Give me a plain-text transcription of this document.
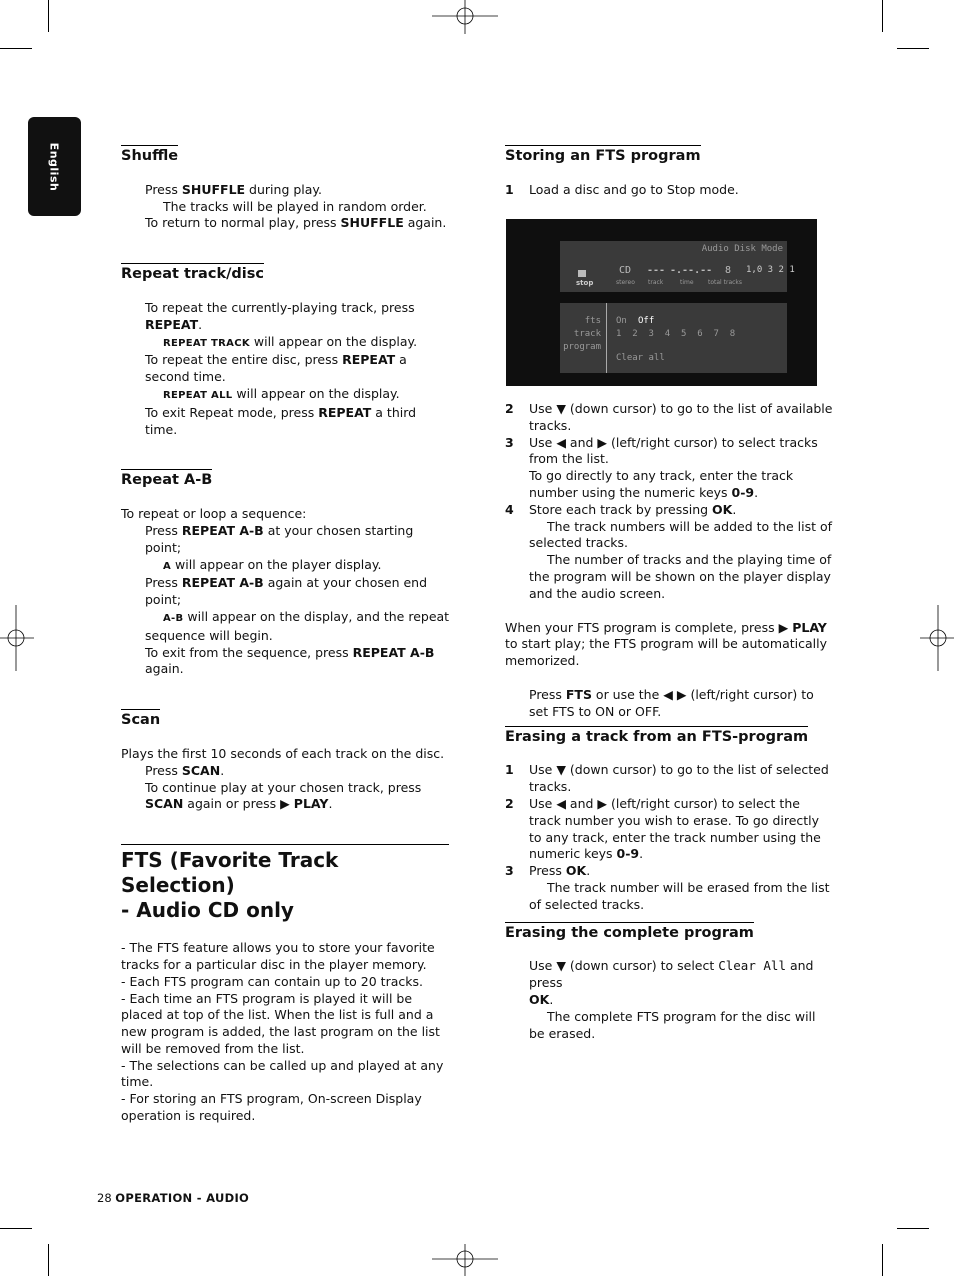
English	Shuffle

Press SHUFFLE during play.

The tracks will be played in random order.

To return to normal play, press SHUFFLE again.

Repeat track/disc

To repeat the currently-playing track, press
REPEAT.

REPEAT TRACK will appear on the display.

To repeat the entire disc, press REPEAT a second time.

REPEAT ALL will appear on the display.

To exit Repeat mode, press REPEAT a third time.

Repeat A-B

To repeat or loop a sequence:

Press REPEAT A-B at your chosen starting point;

A will appear on the player display.

Press REPEAT A-B again at your chosen end point;

A-B will appear on the display, and the repeat sequence will begin.

To exit from the sequence, press REPEAT A-B again.

Scan

Plays the first 10 seconds of each track on the disc.

Press SCAN.

To continue play at your chosen track, press SCAN again or press ▶ PLAY.

FTS (Favorite Track Selection)
- Audio CD only

- The FTS feature allows you to store your favorite tracks for a particular disc in the player memory.

- Each FTS program can contain up to 20 tracks.

- Each time an FTS program is played it will be placed at top of the list. When the list is full and a new program is added, the last program on the list will be removed from the list.

- The selections can be called up and played at any time.

- For storing an FTS program, On-screen Display operation is required.

Storing an FTS program
1 Load a disc and go to Stop mode.
Audio Disk Mode
stop
CD
stereo
---
track
-.--.--
time
8
total tracks
1,0 3 2 1
fts
track
program
On Off
1  2  3  4  5  6  7  8
Clear all
2 Use ▼ (down cursor) to go to the list of available tracks.
3 Use ◀ and ▶ (left/right cursor) to select tracks from the list.
To go directly to any track, enter the track number using the numeric keys 0-9.
4 Store each track by pressing OK.

The track numbers will be added to the list of selected tracks.

The number of tracks and the playing time of the program will be shown on the player display and the audio screen.

When your FTS program is complete, press ▶ PLAY to start play; the FTS program will be automatically memorized.

Press FTS or use the ◀ ▶ (left/right cursor) to set FTS to ON or OFF.

Erasing a track from an FTS-program
1 Use ▼ (down cursor) to go to the list of selected tracks.
2 Use ◀ and ▶ (left/right cursor) to select the track number you wish to erase. To go directly to any track, enter the track number using the numeric keys 0-9.
3 Press OK.

The track number will be erased from the list of selected tracks.

Erasing the complete program

Use ▼ (down cursor) to select Clear All and press
OK.

The complete FTS program for the disc will be erased.

28 OPERATION - AUDIO
